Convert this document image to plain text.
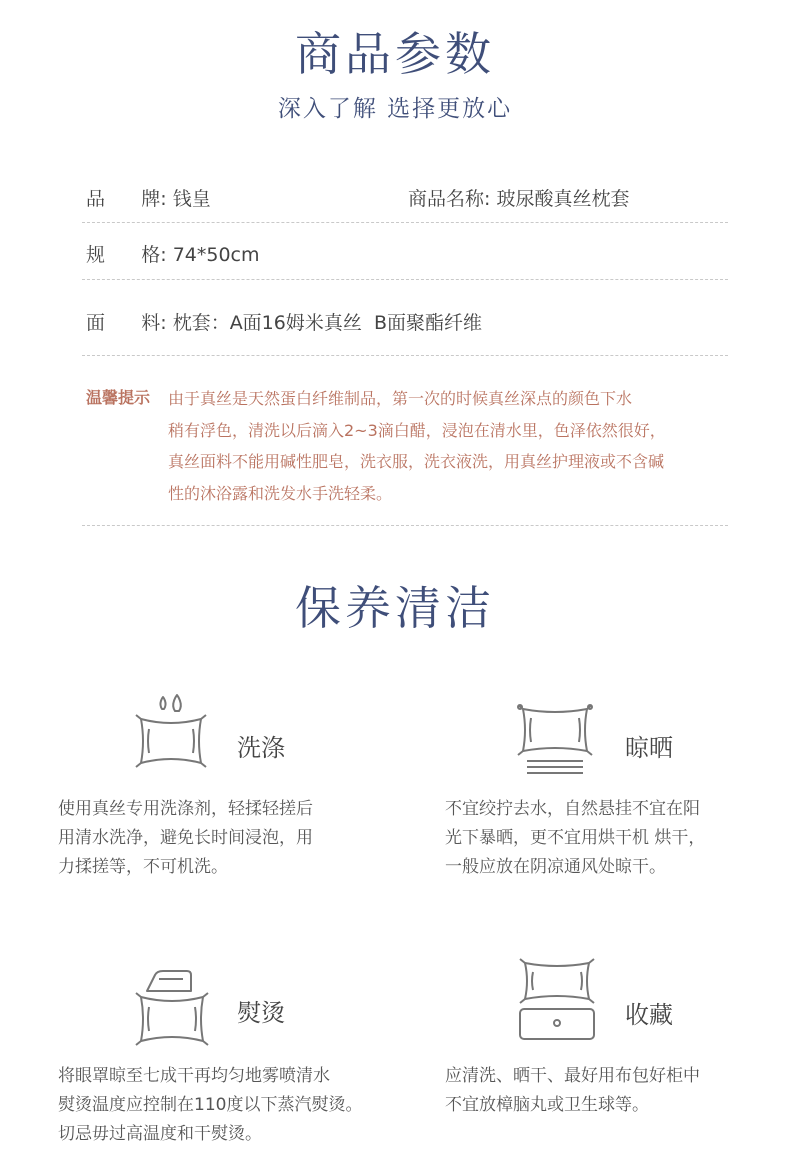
商品参数
深入了解 选择更放心
品      牌: 钱皇	商品名称: 玻尿酸真丝枕套
规      格: 74*50cm
面      料: 枕套：A面16姆米真丝  B面聚酯纤维
温馨提示 由于真丝是天然蛋白纤维制品，第一次的时候真丝深点的颜色下水
稍有浮色，清洗以后滴入2~3滴白醋，浸泡在清水里，色泽依然很好，
真丝面料不能用碱性肥皂，洗衣服，洗衣液洗，用真丝护理液或不含碱
性的沐浴露和洗发水手洗轻柔。
保养清洁
洗涤
使用真丝专用洗涤剂，轻揉轻搓后
用清水洗净，避免长时间浸泡，用
力揉搓等，不可机洗。
晾晒
不宜绞拧去水，自然悬挂不宜在阳
光下暴晒，更不宜用烘干机 烘干，
一般应放在阴凉通风处晾干。
熨烫
将眼罩晾至七成干再均匀地雾喷清水
熨烫温度应控制在110度以下蒸汽熨烫。
切忌毋过高温度和干熨烫。
收藏
应清洗、晒干、最好用布包好柜中
不宜放樟脑丸或卫生球等。
